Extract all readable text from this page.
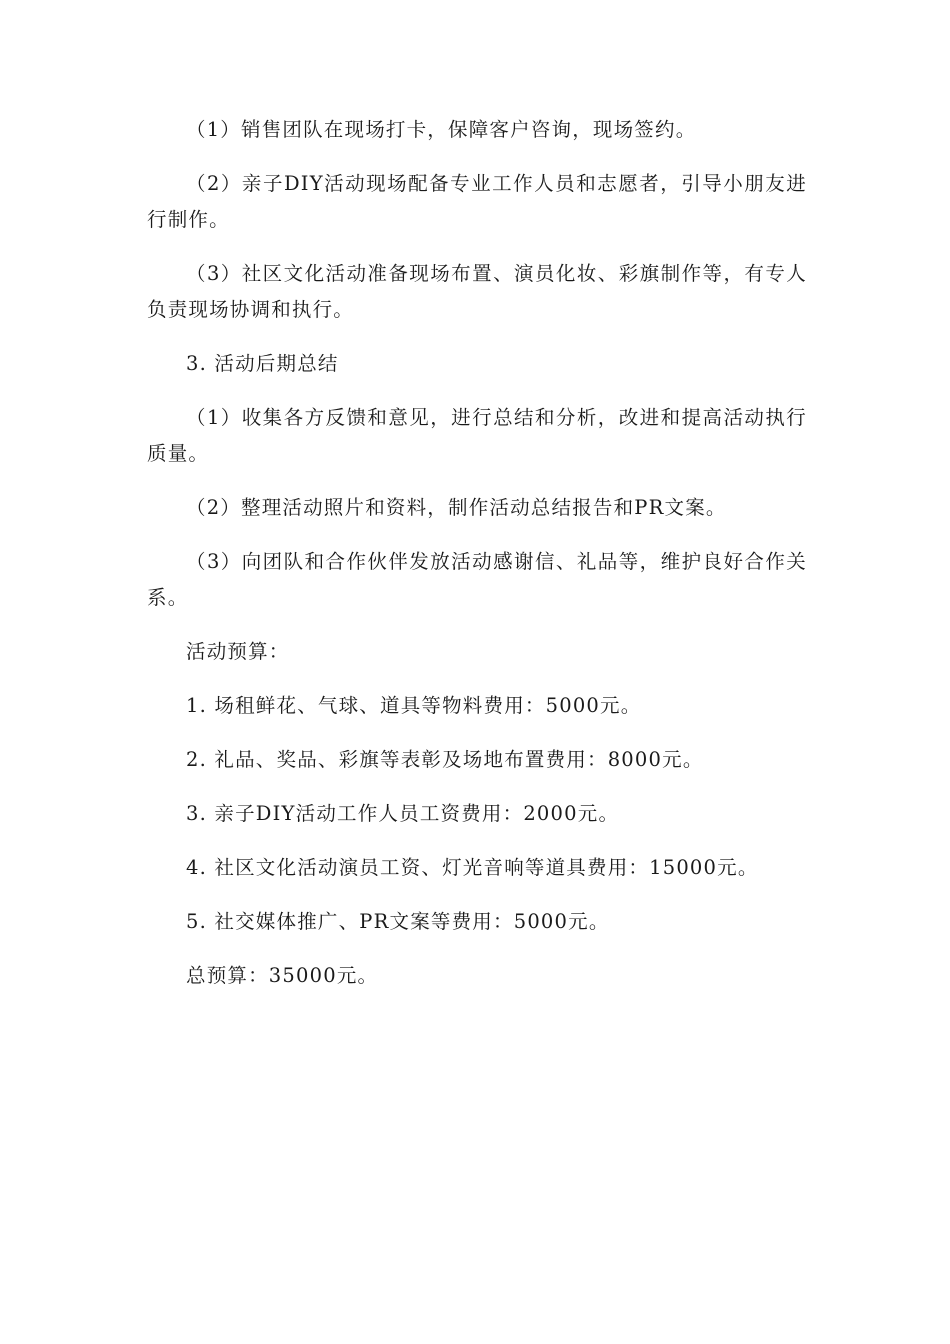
（1）销售团队在现场打卡，保障客户咨询，现场签约。

（2）亲子DIY活动现场配备专业工作人员和志愿者，引导小朋友进行制作。

（3）社区文化活动准备现场布置、演员化妆、彩旗制作等，有专人负责现场协调和执行。

3. 活动后期总结

（1）收集各方反馈和意见，进行总结和分析，改进和提高活动执行质量。

（2）整理活动照片和资料，制作活动总结报告和PR文案。

（3）向团队和合作伙伴发放活动感谢信、礼品等，维护良好合作关系。

活动预算：

1. 场租鲜花、气球、道具等物料费用：5000元。

2. 礼品、奖品、彩旗等表彰及场地布置费用：8000元。

3. 亲子DIY活动工作人员工资费用：2000元。

4. 社区文化活动演员工资、灯光音响等道具费用：15000元。

5. 社交媒体推广、PR文案等费用：5000元。

总预算：35000元。
